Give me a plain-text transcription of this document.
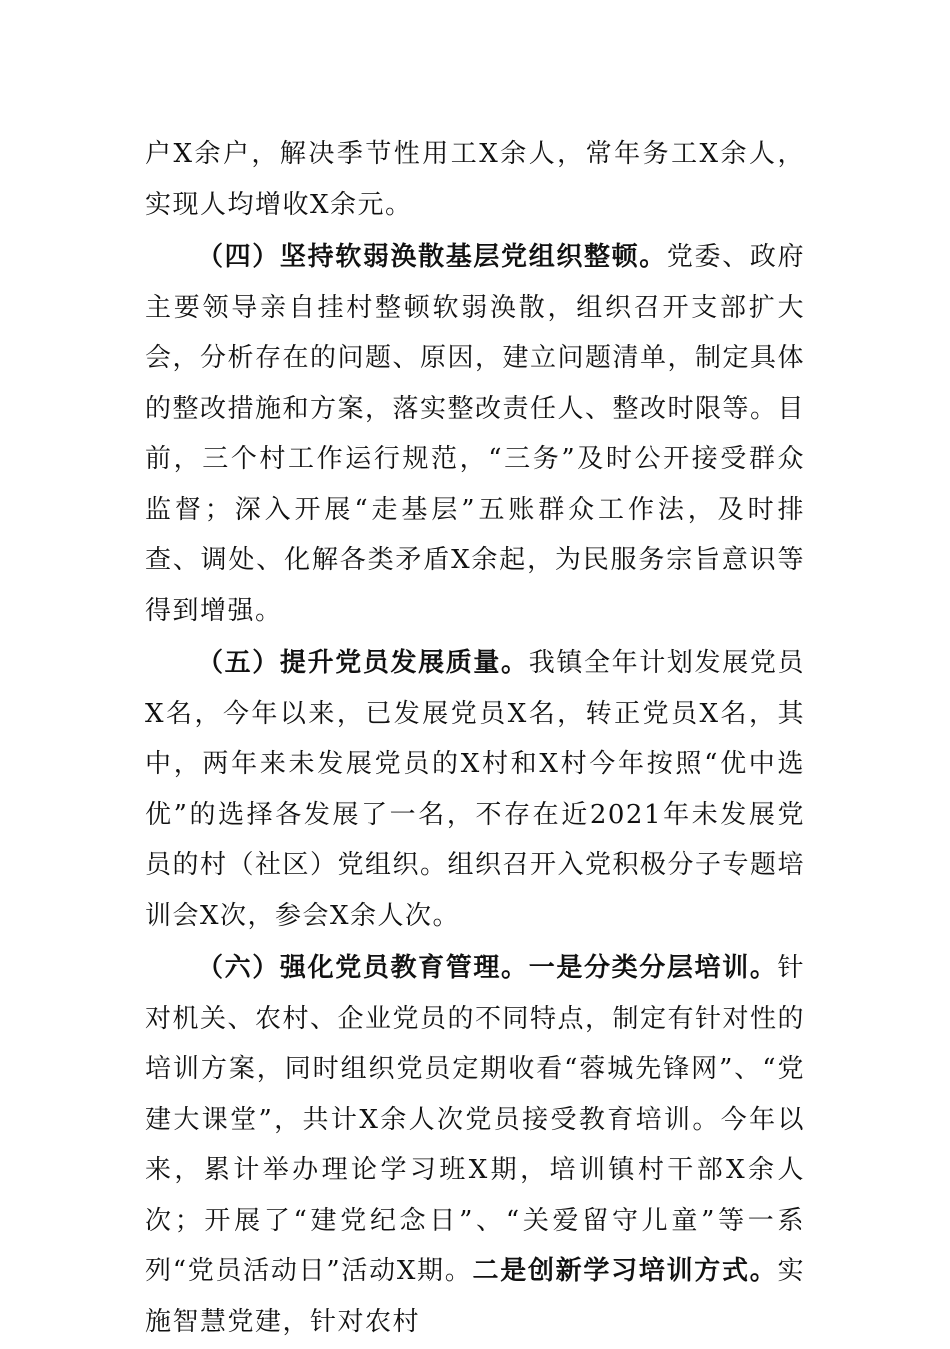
户X余户，解决季节性用工X余人，常年务工X余人，实现人均增收X余元。

（四）坚持软弱涣散基层党组织整顿。党委、政府主要领导亲自挂村整顿软弱涣散，组织召开支部扩大会，分析存在的问题、原因，建立问题清单，制定具体的整改措施和方案，落实整改责任人、整改时限等。目前，三个村工作运行规范，“三务”及时公开接受群众监督；深入开展“走基层”五账群众工作法，及时排查、调处、化解各类矛盾X余起，为民服务宗旨意识等得到增强。

（五）提升党员发展质量。我镇全年计划发展党员X名，今年以来，已发展党员X名，转正党员X名，其中，两年来未发展党员的X村和X村今年按照“优中选优”的选择各发展了一名，不存在近2021年未发展党员的村（社区）党组织。组织召开入党积极分子专题培训会X次，参会X余人次。

（六）强化党员教育管理。一是分类分层培训。针对机关、农村、企业党员的不同特点，制定有针对性的培训方案，同时组织党员定期收看“蓉城先锋网”、“党建大课堂”，共计X余人次党员接受教育培训。今年以来，累计举办理论学习班X期，培训镇村干部X余人次；开展了“建党纪念日”、“关爱留守儿童”等一系列“党员活动日”活动X期。二是创新学习培训方式。实施智慧党建，针对农村
